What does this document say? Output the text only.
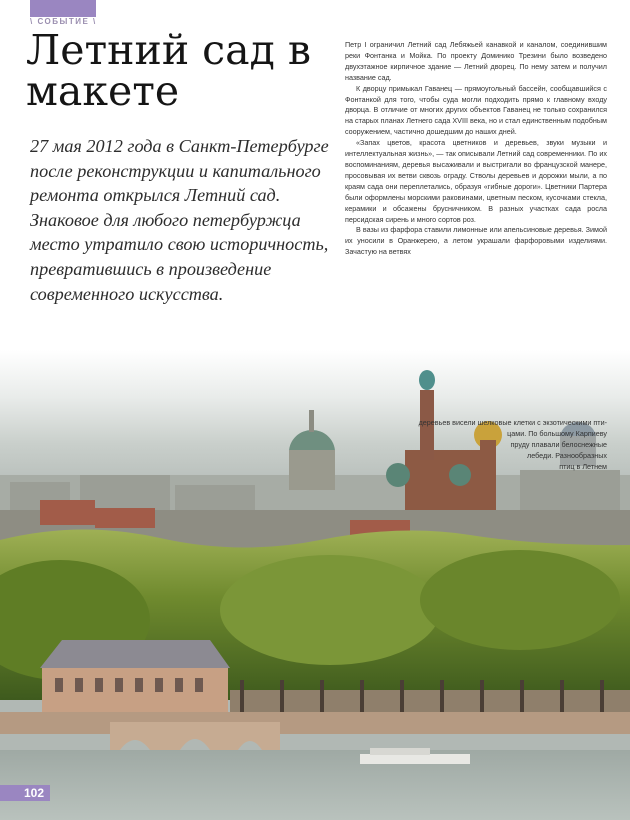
\ СОБЫТИЕ \
Летний сад в макете

27 мая 2012 года в Санкт-Петербурге после реконструкции и капитального ремонта открылся Летний сад. Знаковое для любого петербуржца место утратило свою историчность, превратившись в произведение современного искусства.

Петр I ограничил Летний сад Лебяжьей канавкой и каналом, соединившим реки Фонтанка и Мойка. По проекту Доминико Трезини было возведено двухэтажное кирпичное здание — Летний дворец. По нему затем и получил название сад.

К дворцу примыкал Гаванец — прямоугольный бассейн, сообщавшийся с Фонтанкой для того, чтобы суда могли подходить прямо к главному входу дворца. В отличие от многих других объектов Гаванец не только сохранился на старых планах Летнего сада XVIII века, но и стал единственным подобным сооружением, частично дошедшим до наших дней.

«Запах цветов, красота цветников и деревьев, звуки музыки и интеллектуальная жизнь», — так описывали Летний сад современники. По их воспоминаниям, деревья высаживали и выстригали во французской манере, просовывая их ветви сквозь ограду. Стволы деревьев и дорожки мыли, а по краям сада они переплетались, образуя «гибные дороги». Цветники Партера были оформлены морскими раковинами, цветным песком, кусочками стекла, керамики и обсажены брусничником. В разных участках сада росла персидская сирень и много сортов роз.

В вазы из фарфора ставили лимонные или апельсиновые деревья. Зимой их уносили в Оранжерею, а летом украшали фарфоровыми изделиями. Зачастую на ветвях

деревьев висели шелковые клетки с экзотическими пти-
цами. По большому Карпиеву
пруду плавали белоснежные
лебеди. Разнообразных
птиц в Летнем
102
